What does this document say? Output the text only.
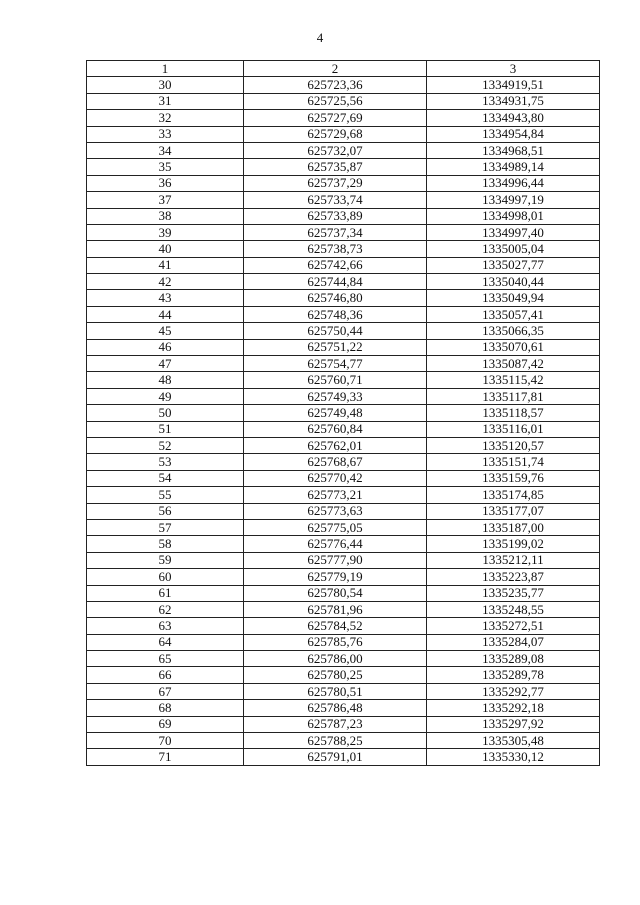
4
1	2	3
30	625723,36	1334919,51
31	625725,56	1334931,75
32	625727,69	1334943,80
33	625729,68	1334954,84
34	625732,07	1334968,51
35	625735,87	1334989,14
36	625737,29	1334996,44
37	625733,74	1334997,19
38	625733,89	1334998,01
39	625737,34	1334997,40
40	625738,73	1335005,04
41	625742,66	1335027,77
42	625744,84	1335040,44
43	625746,80	1335049,94
44	625748,36	1335057,41
45	625750,44	1335066,35
46	625751,22	1335070,61
47	625754,77	1335087,42
48	625760,71	1335115,42
49	625749,33	1335117,81
50	625749,48	1335118,57
51	625760,84	1335116,01
52	625762,01	1335120,57
53	625768,67	1335151,74
54	625770,42	1335159,76
55	625773,21	1335174,85
56	625773,63	1335177,07
57	625775,05	1335187,00
58	625776,44	1335199,02
59	625777,90	1335212,11
60	625779,19	1335223,87
61	625780,54	1335235,77
62	625781,96	1335248,55
63	625784,52	1335272,51
64	625785,76	1335284,07
65	625786,00	1335289,08
66	625780,25	1335289,78
67	625780,51	1335292,77
68	625786,48	1335292,18
69	625787,23	1335297,92
70	625788,25	1335305,48
71	625791,01	1335330,12
